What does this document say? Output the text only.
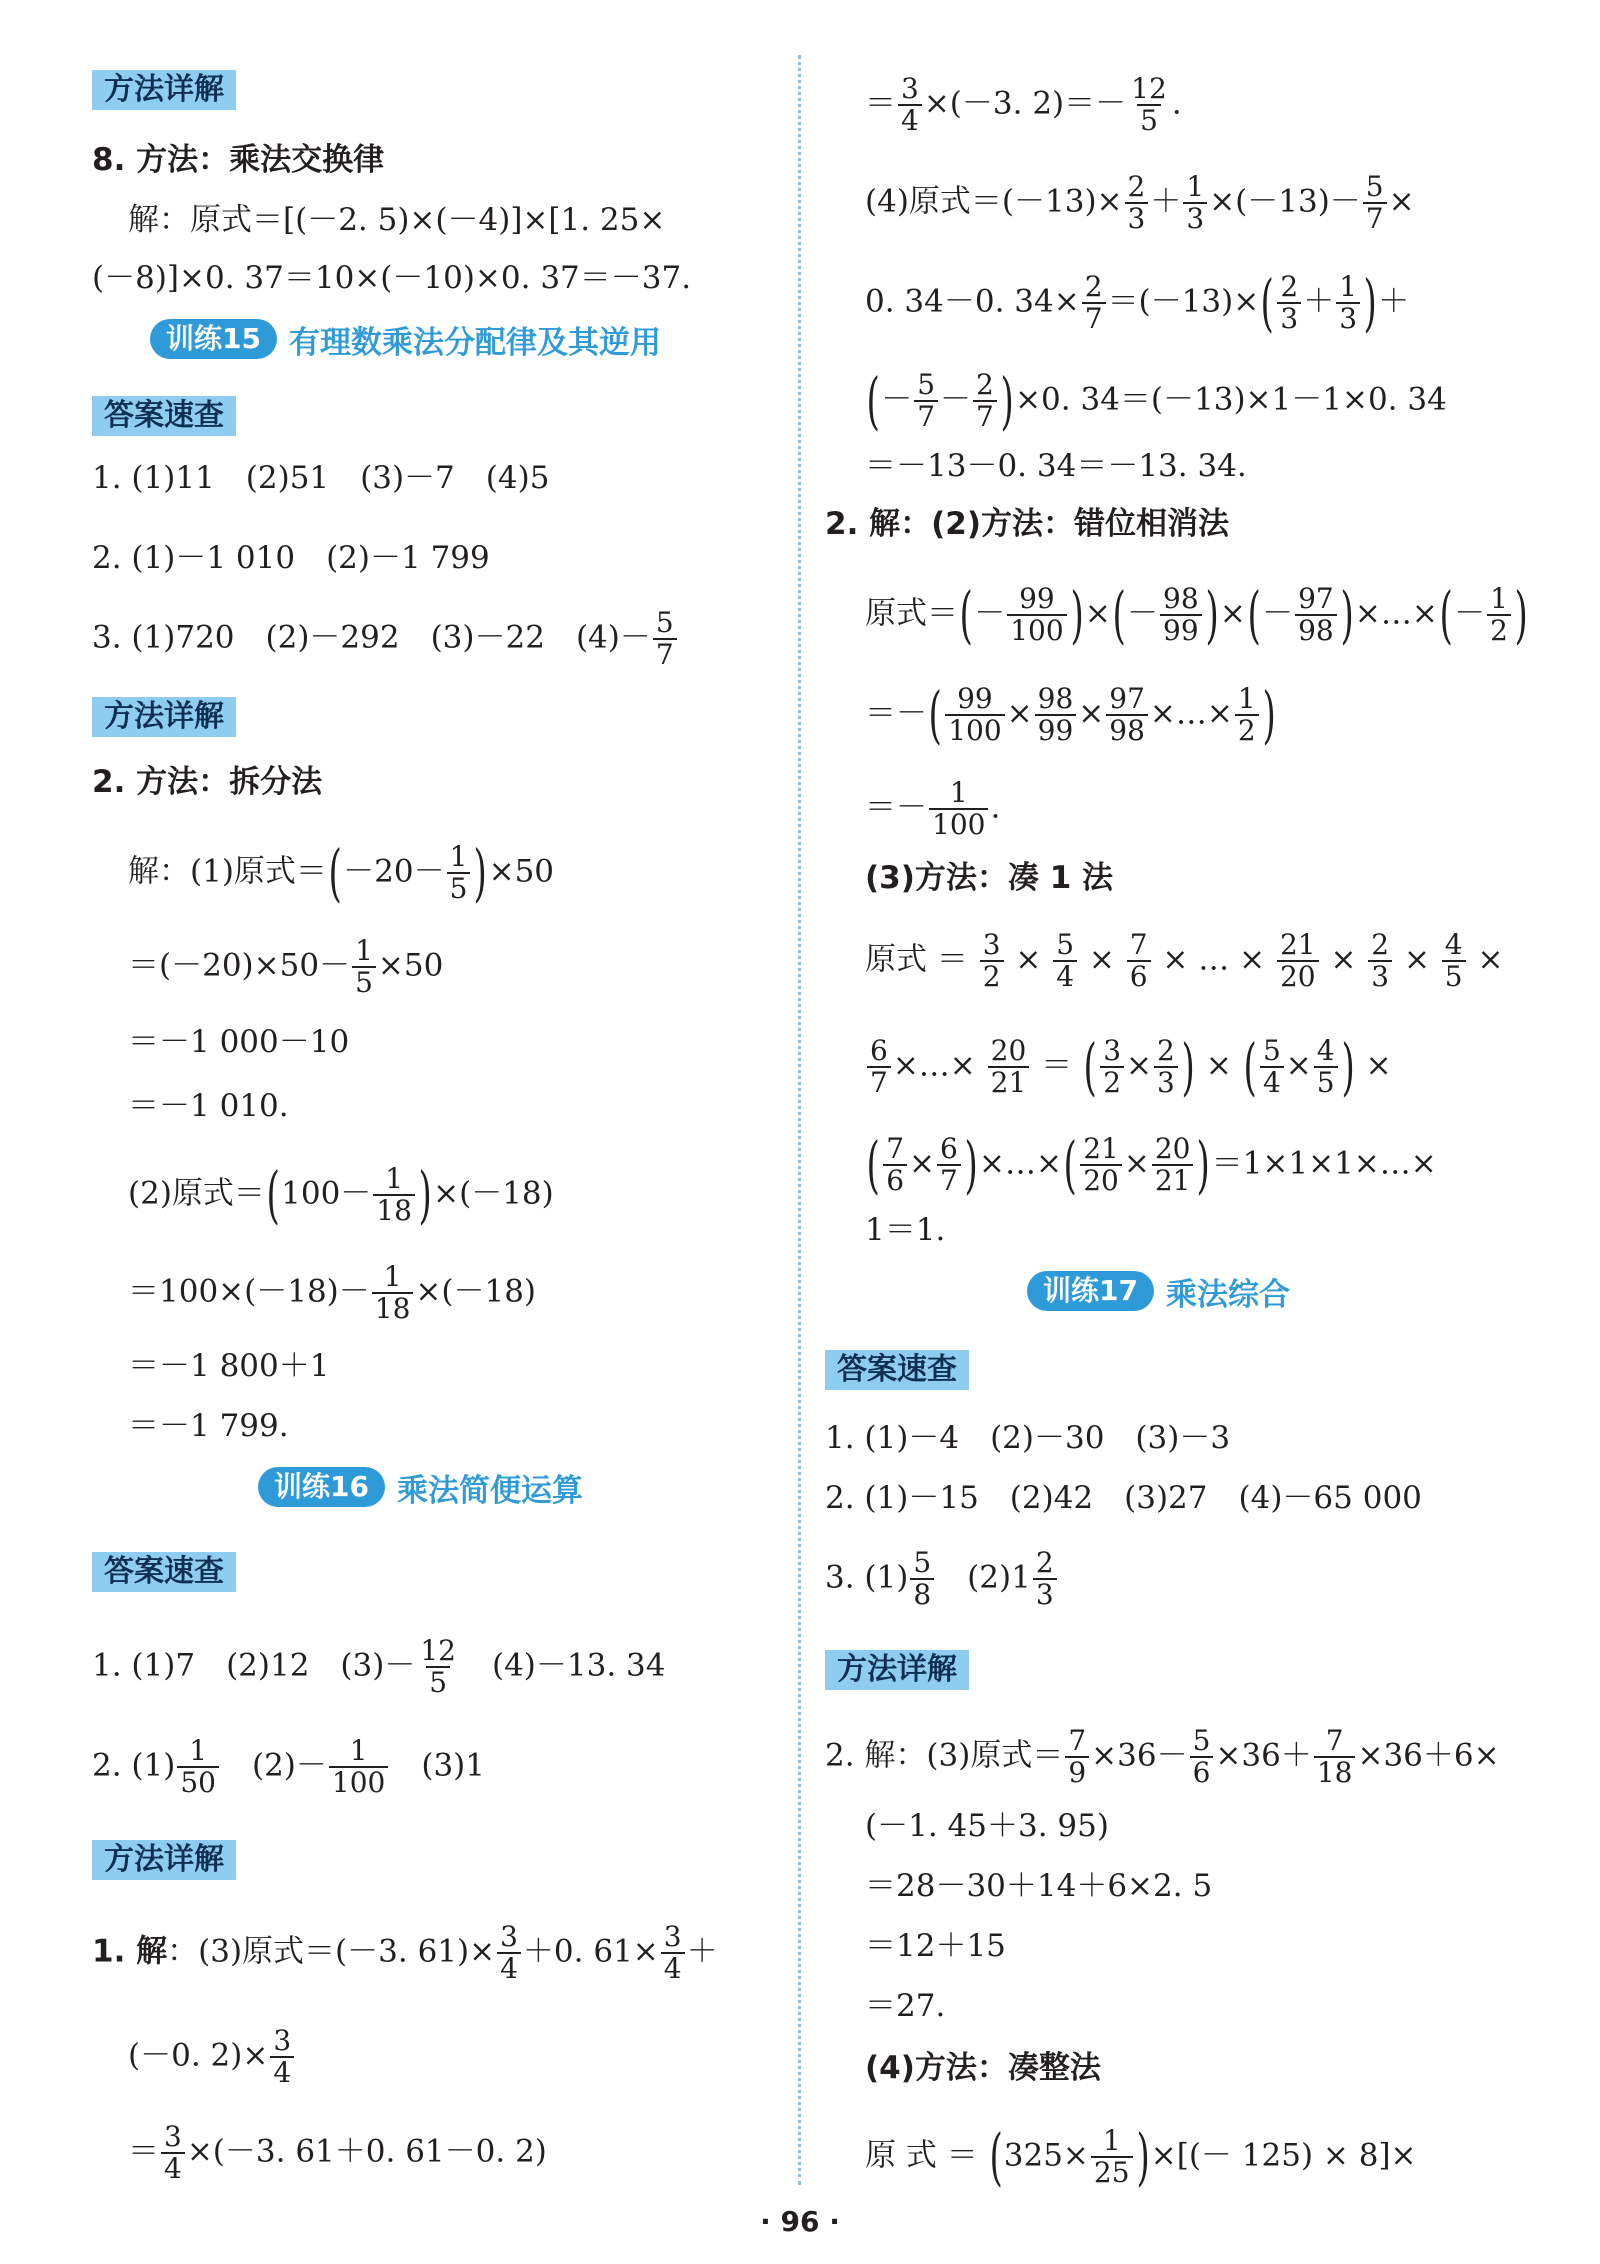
方法详解
8. 方法：乘法交换律
解：原式＝[(－2. 5)×(－4)]×[1. 25×
(－8)]×0. 37＝10×(－10)×0. 37＝－37.
训练15 有理数乘法分配律及其逆用
答案速查
1. (1)11　(2)51　(3)－7　(4)5
2. (1)－1 010　(2)－1 799
3. (1)720　(2)－292　(3)－22　$(4)- \frac{5}{7}$
方法详解
2. 方法：拆分法
解：(1)原式$=(-20- \frac{1}{5} )\times 50$
$=(-20)\times 50- \frac{1}{5} \times 50$
＝－1 000－10
＝－1 010.
(2)原式$=(100- \frac{1}{18} )\times(-18)$
$=100\times(-18)- \frac{1}{18} \times(-18)$
＝－1 800＋1
＝－1 799.
训练16 乘法简便运算
答案速查
1. (1)7　(2)12　$(3)- \frac{12}{5}$ 　(4)－13. 34
2. $(1) \frac{1}{50}$ 　$(2)- \frac{1}{100}$ 　(3)1
方法详解
1. 解：(3)原式＝(－3. $61)\times \frac{3}{4} +0$. $61\times \frac{3}{4}$ ＋
(－0. $2)\times \frac{3}{4}$
＝ $\frac{3}{4} \times(-3$. 61＋0. 61－0. 2)
＝ $\frac{3}{4} \times(-3$. $2)=- \frac{12}{5}$ .
(4)原式$=(-13)\times \frac{2}{3} + \frac{1}{3} \times(-13)- \frac{5}{7}$ ×
0. 34－0. $34\times \frac{2}{7} =(-13)\times( \frac{2}{3} + \frac{1}{3}$ )＋
(－ $\frac{5}{7} - \frac{2}{7} )\times 0$. 34＝(－13)×1－1×0. 34
＝－13－0. 34＝－13. 34.
2. 解：(2)方法：错位相消法
原式＝(－ $\frac{99}{100}$ )×(－ $\frac{98}{99}$ )×(－ $\frac{97}{98}$ )×…×(－ $\frac{1}{2}$ )
＝－( $\frac{99}{100} \times \frac{98}{99} \times \frac{97}{98}$ ×…× $\frac{1}{2}$ )
＝－ $\frac{1}{100}$ .
(3)方法：凑 1 法
原式 ＝ $\frac{3}{2} \times \frac{5}{4} \times \frac{7}{6}$ × … × $\frac{21}{20} \times \frac{2}{3} \times \frac{4}{5}$ ×
$\frac{6}{7}$ ×…× $\frac{20}{21}$ ＝ ( $\frac{3}{2} \times \frac{2}{3}$ ) × ( $\frac{5}{4} \times \frac{4}{5}$ ) ×
( $\frac{7}{6} \times \frac{6}{7}$ )×…×( $\frac{21}{20} \times \frac{20}{21}$ )＝1×1×1×…×
1＝1.
训练17 乘法综合
答案速查
1. (1)－4　(2)－30　(3)－3
2. (1)－15　(2)42　(3)27　(4)－65 000
3. $(1) \frac{5}{8}$ 　$(2)1 \frac{2}{3}$
方法详解
2. 解：(3)原式＝ $\frac{7}{9} \times 36- \frac{5}{6} \times 36+ \frac{7}{18} \times 36+6\times$
(－1. 45＋3. 95)
＝28－30＋14＋6×2. 5
＝12＋15
＝27.
(4)方法：凑整法
原 式 ＝ ($325\times \frac{1}{25}$ )×[(－ 125) × 8]×
· 96 ·
